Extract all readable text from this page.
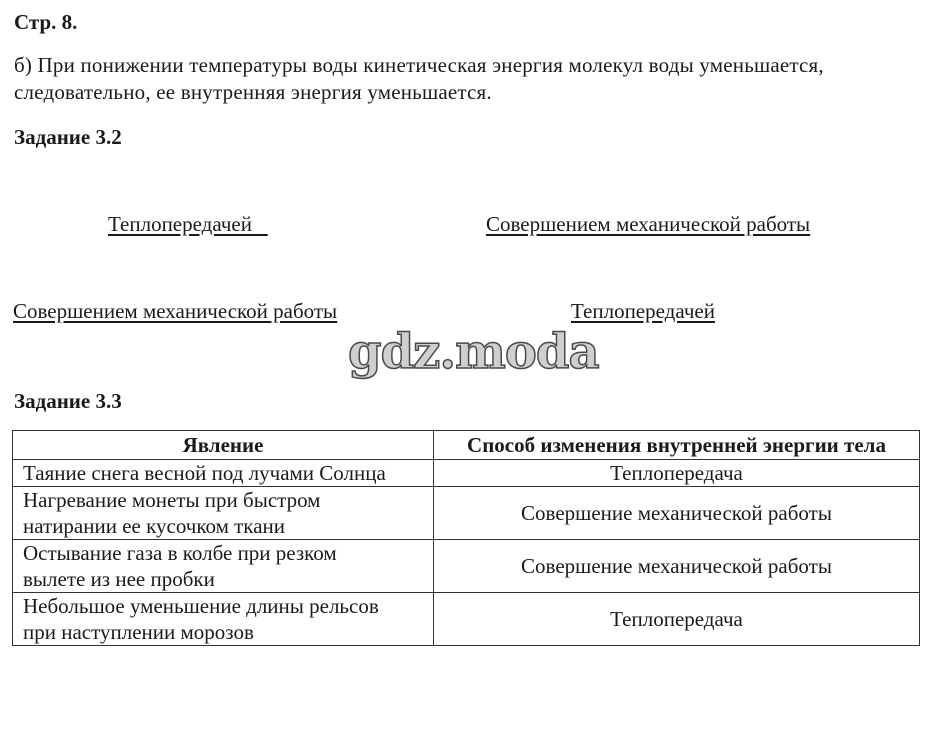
Стр. 8.
б) При понижении температуры воды кинетическая энергия молекул воды уменьшается,
следовательно, ее внутренняя энергия уменьшается.
Задание 3.2
Теплопередачей	Совершением механической работы
Совершением механической работы	Теплопередачей
gdz.moda
Задание 3.3
Явление	Способ изменения внутренней энергии тела

Таяние снега весной под лучами Солнца	Теплопередача

Нагревание монеты при быстром
натирании ее кусочком ткани	Совершение механической работы

Остывание газа в колбе при резком
вылете из нее пробки	Совершение механической работы

Небольшое уменьшение длины рельсов
при наступлении морозов	Теплопередача
